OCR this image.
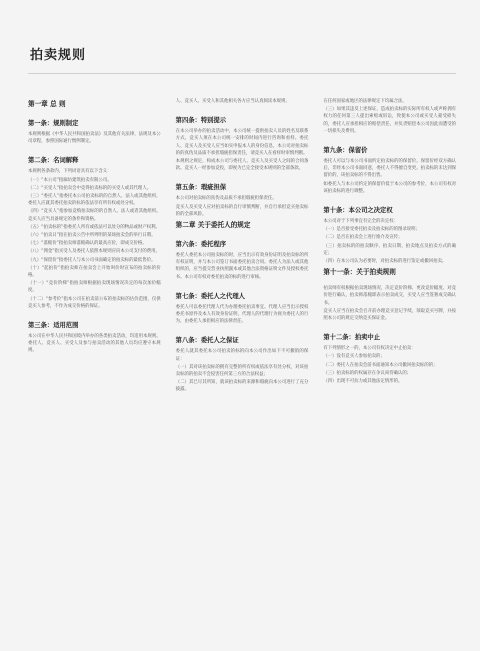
拍卖规则
第一章 总 则
第一条：规则制定
本规则根据《中华人民共和国拍卖法》及其他有关法律、法规及本公司章程，参照国际通行惯例制定。
第二条：名词解释
本规则各条款内，下列词语具有以下含义：
（一）“本公司”指廊坊建筑拍卖有限公司。
（二）“买受人”指拍卖会中竞得拍卖标的的买受人或其代理人。
（三）“委托人”指委托本公司拍卖标的的自然人、法人或其他组织，委托人应就其委托拍卖的标的依法享有所有权或处分权。
（四）“竞买人”指参加竞购拍卖标的的自然人、法人或者其他组织。竞买人应当具备规定的条件和资格。
（五）“拍卖标的”指委托人所有或依法可以处分的物品或财产权利。
（六）“拍卖日”指在拍卖公告中所列明的某场拍卖会的举行日期。
（七）“落槌价”指拍卖师落槌确认的最高应价，即成交价格。
（八）“佣金”指买受人及委托人依照本规则应向本公司支付的费用。
（九）“保留价”指委托人与本公司书面确定的拍卖标的最低售价。
（十）“起拍价”指拍卖师在拍卖会上开始叫价时宣布的拍卖标的价格。
（十一）“竞价阶梯”指拍卖师根据拍卖现场情况决定的每次加价幅度。
（十二）“参考价”指本公司在拍卖前公布的拍卖标的估价范围，仅供竞买人参考，不作为成交价格的保证。
第三条：适用范围
本公司在中华人民共和国境内举办的各类拍卖活动，均适用本规则。委托人、竞买人、买受人及参与拍卖活动的其他人员均应遵守本规则。
人、竞买人、买受人和其他相关各方应当认真阅读本规则。
第四条：特别提示
在本公司举办的拍卖活动中，本公司统一提供拍卖人员的姓名及联系方式，竞买人须在本公司统一安排的时间内进行咨询和看样。委托人、竞买人及买受人应当如实申报本人的身份信息，本公司对拍卖标的的真伪及品质不承担瑕疵担保责任，请竞买人在看样时审慎判断。
本规则之规定，构成本公司与委托人、竞买人及买受人之间的合同条款。竞买人一经参加竞投，即视为已完全接受本规则的全部条款。
第五条：瑕疵担保
本公司对拍卖标的真伪及品质不承担瑕疵担保责任。
竞买人及买受人应对拍卖标的自行审慎判断，并自行承担竞买拍卖标的的全部风险。
第二章 关于委托人的规定
第六条：委托程序
委托人委托本公司拍卖标的时，应当出示有效身份证明及拍卖标的所有权证明，并与本公司签订书面委托拍卖合同。委托人为法人或其他组织的，应当提交营业执照副本或其他合法资格证明文件及授权委托书。本公司有权对委托拍卖的标的进行审核。
第七条：委托人之代理人
委托人可以委托代理人代为办理委托拍卖事宜。代理人应当出示授权委托书原件及本人有效身份证明，代理人的代理行为视为委托人的行为，由委托人承担相应的法律责任。
第八条：委托人之保证
委托人就其委托本公司拍卖的标的向本公司作出如下不可撤销的保证：
（一）其对该拍卖标的拥有完整的所有权或依法享有处分权，对该拍卖标的的拍卖不会侵害任何第三方的合法权益；
（二）其已尽其所知，就该拍卖标的来源和瑕疵向本公司进行了充分披露。
在任何国家或地区的法律规定下均属合法，
（三）如果其违反上述保证，造成拍卖标的实际所有权人或声称拥有权力的任何第三人提出索赔或诉讼，致使本公司或买受人蒙受损失的，委托人应承担相应的赔偿责任，并负责赔偿本公司因此而遭受的一切损失及费用。
第九条：保留价
委托人可以与本公司书面约定拍卖标的的保留价。保留价经双方确认后，非经本公司书面同意，委托人不得擅自变更。拍卖标的未达到保留价的，该拍卖标的不得出售。
如委托人与本公司约定的保留价低于本公司的参考价，本公司有权对该拍卖标的进行调整。
第十条：本公司之决定权
本公司对于下列事宜有完全的决定权：
（一）是否接受委托拍卖及拍卖标的的图录说明；
（二）是否在拍卖会上进行推介及宣传；
（三）拍卖标的的拍卖顺序、拍卖日期、拍卖地点及拍卖方式的确定；
（四）在本公司认为必要时，对拍卖标的进行鉴定或撤回拍卖。
第十一条：关于拍卖规则
拍卖师有权根据拍卖现场情况，决定竞价阶梯、更改竞价幅度、对竞价进行确认，拍卖师落槌即表示拍卖成交，买受人应当签署成交确认书。
竞买人应当在拍卖会召开前办理竞买登记手续，领取竞买号牌，并按照本公司的规定交纳竞买保证金。
第十二条：拍卖中止
有下列情形之一的，本公司有权决定中止拍卖：
（一）没有竞买人参加拍卖的；
（二）委托人在拍卖会前书面通知本公司撤回拍卖标的的；
（三）拍卖标的的权属存在争议尚待确认的；
（四）出现不可抗力或其他法定情形的。
